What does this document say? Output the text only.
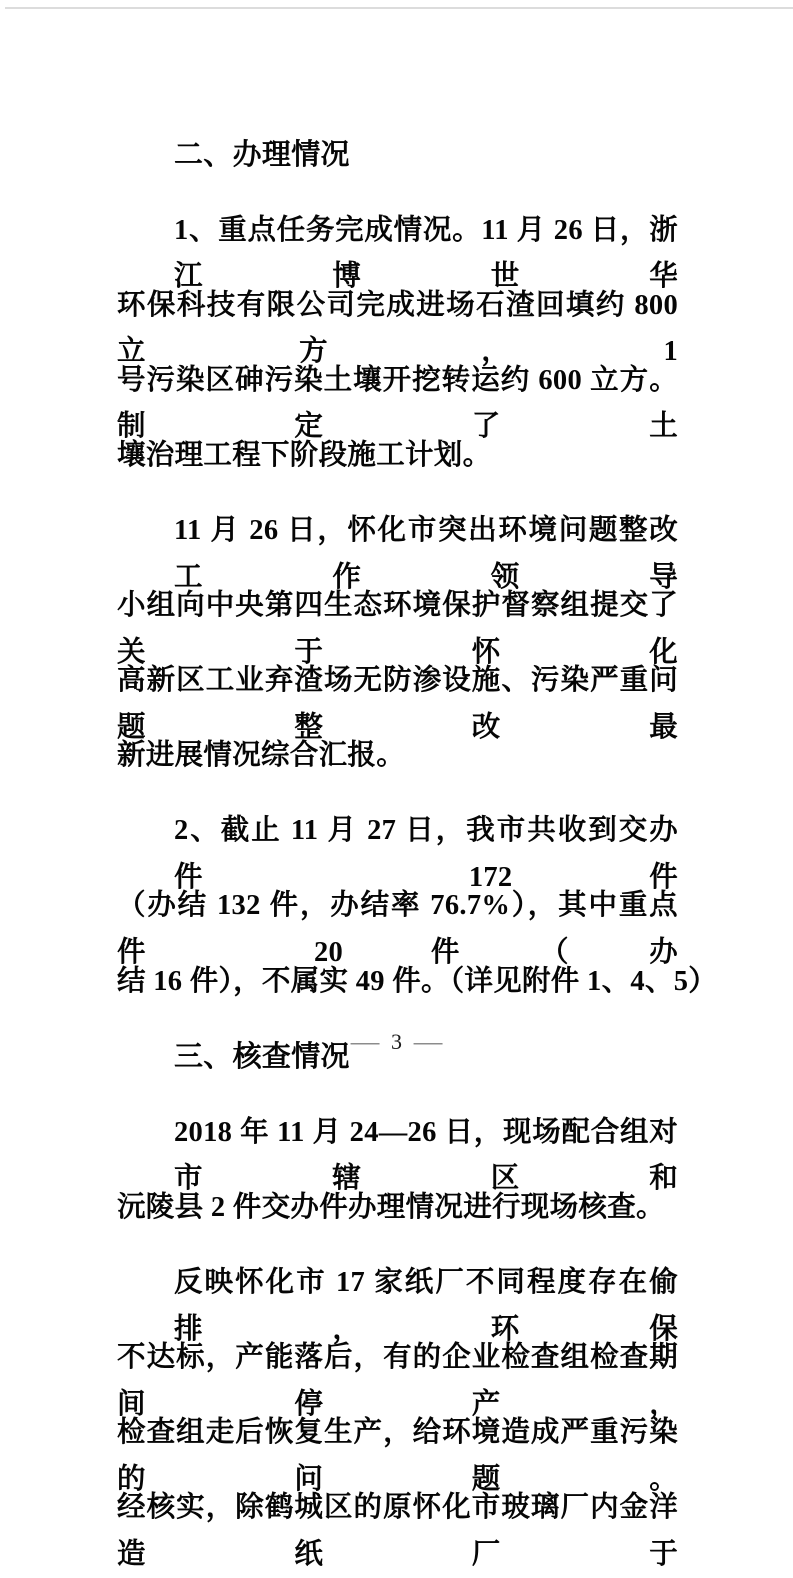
二、办理情况

1、重点任务完成情况。11 月 26 日，浙江博世华

环保科技有限公司完成进场石渣回填约 800 立方，1

号污染区砷污染土壤开挖转运约 600 立方。制定了土

壤治理工程下阶段施工计划。

11 月 26 日，怀化市突出环境问题整改工作领导

小组向中央第四生态环境保护督察组提交了关于怀化

高新区工业弃渣场无防渗设施、污染严重问题整改最

新进展情况综合汇报。

2、截止 11 月 27 日，我市共收到交办件 172 件

（办结 132 件，办结率 76.7%），其中重点件 20 件（办

结 16 件），不属实 49 件。（详见附件 1、4、5）

三、核查情况

2018 年 11 月 24—26 日，现场配合组对市辖区和

沅陵县 2 件交办件办理情况进行现场核查。

反映怀化市 17 家纸厂不同程度存在偷排，环保

不达标，产能落后，有的企业检查组检查期间停产，

检查组走后恢复生产，给环境造成严重污染的问题。

经核实，除鹤城区的原怀化市玻璃厂内金洋造纸厂于

— 3 —
